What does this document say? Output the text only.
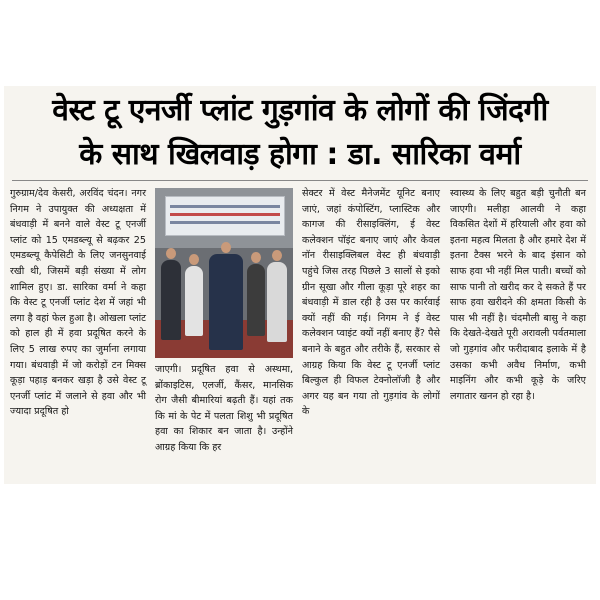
वेस्ट टू एनर्जी प्लांट गुड़गांव के लोगों की जिंदगी
के साथ खिलवाड़ होगा : डा. सारिका वर्मा

गुरुग्राम/देव केसरी, अरविंद चंदन। नगर निगम ने उपायुक्त की अध्यक्षता में बंधवाड़ी में बनने वाले वेस्ट टू एनर्जी प्लांट को 15 एमडब्ल्यू से बढ़कर 25 एमडब्ल्यू कैपेसिटी के लिए जनसुनवाई रखी थी, जिसमें बड़ी संख्या में लोग शामिल हुए। डा. सारिका वर्मा ने कहा कि वेस्ट टू एनर्जी प्लांट देश में जहां भी लगा है वहां फेल हुआ है। ओखला प्लांट को हाल ही में हवा प्रदूषित करने के लिए 5 लाख रुपए का जुर्माना लगाया गया। बंधवाड़ी में जो करोड़ों टन मिक्स कूड़ा पहाड़ बनकर खड़ा है उसे वेस्ट टू एनर्जी प्लांट में जलाने से हवा और भी ज्यादा प्रदूषित हो

जाएगी। प्रदूषित हवा से अस्थमा, ब्रोंकाइटिस, एलर्जी, कैंसर, मानसिक रोग जैसी बीमारियां बढ़ती हैं। यहां तक कि मां के पेट में पलता शिशु भी प्रदूषित हवा का शिकार बन जाता है। उन्होंने आग्रह किया कि हर

सेक्टर में वेस्ट मैनेजमेंट यूनिट बनाए जाएं, जहां कंपोस्टिंग, प्लास्टिक और कागज की रीसाइक्लिंग, ई वेस्ट कलेक्शन पॉइंट बनाए जाएं और केवल नॉन रीसाइक्लिबल वेस्ट ही बंधवाड़ी पहुंचे जिस तरह पिछले 3 सालों से इको ग्रीन सूखा और गीला कूड़ा पूरे शहर का बंधवाड़ी में डाल रही है उस पर कार्रवाई क्यों नहीं की गई। निगम ने ई वेस्ट कलेक्शन प्वाइंट क्यों नहीं बनाए हैं? पैसे बनाने के बहुत और तरीके हैं, सरकार से आग्रह किया कि वेस्ट टू एनर्जी प्लांट बिल्कुल ही विफल टेक्नोलॉजी है और अगर यह बन गया तो गुड़गांव के लोगों के

स्वास्थ्य के लिए बहुत बड़ी चुनौती बन जाएगी। मलीहा आलवी ने कहा विकसित देशों में हरियाली और हवा को इतना महत्व मिलता है और हमारे देश में इतना टैक्स भरने के बाद इंसान को साफ हवा भी नहीं मिल पाती। बच्चों को साफ पानी तो खरीद कर दे सकते हैं पर साफ हवा खरीदने की क्षमता किसी के पास भी नहीं है। चंदमौली बासु ने कहा कि देखते-देखते पूरी अरावली पर्वतमाला जो गुड़गांव और फरीदाबाद इलाके में है उसका कभी अवैध निर्माण, कभी माइनिंग और कभी कूड़े के जरिए लगातार खनन हो रहा है।
